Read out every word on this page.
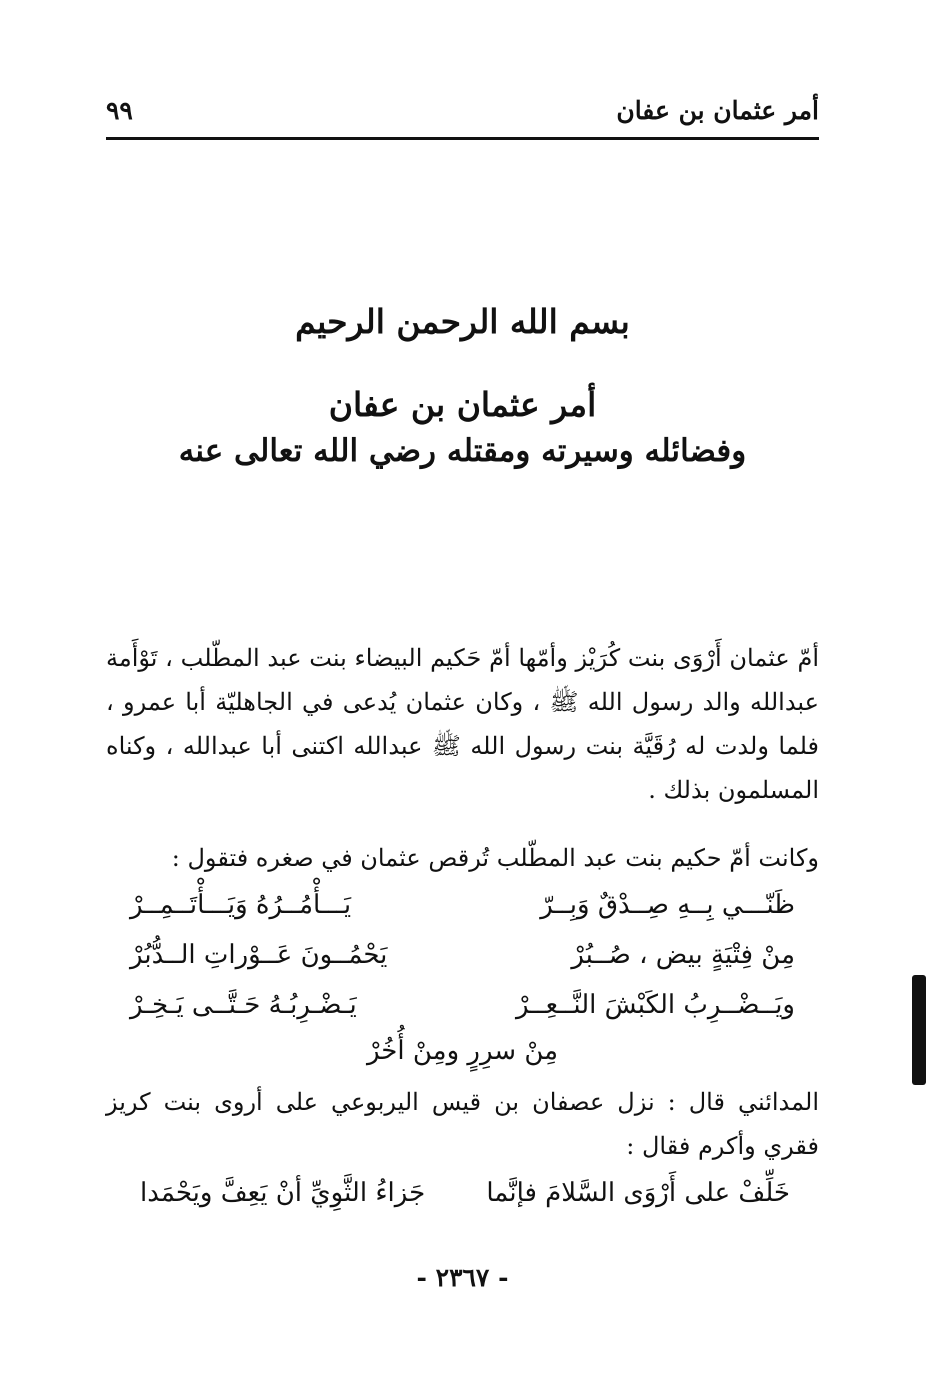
أمر عثمان بن عفان
٩٩
بسم الله الرحمن الرحيم
أمر عثمان بن عفان
وفضائله وسيرته ومقتله رضي الله تعالى عنه
أمّ عثمان أَرْوَى بنت كُرَيْز وأمّها أمّ حَكيم البيضاء بنت عبد المطّلب ، تَوْأَمة عبدالله والد رسول الله ﷺ ، وكان عثمان يُدعى في الجاهليّة أبا عمرو ، فلما ولدت له رُقَيَّة بنت رسول الله ﷺ عبدالله اكتنى أبا عبدالله ، وكناه المسلمون بذلك .
وكانت أمّ حكيم بنت عبد المطّلب تُرقص عثمان في صغره فتقول :
ظَنّـــي بِــهِ صِــدْقٌ وَبِــرّ
يَـــأْمُــرُهُ وَيَـــأْتَــمِــرْ
مِنْ فِتْيَةٍ بيض ، صُــبُرْ
يَحْمُــونَ عَــوْراتِ الــدُّبُرْ
ويَــضْــرِبُ الكَبْشَ النَّــعِــرْ
يَـضْـرِبُـهُ حَـتَّــى يَـخِـرْ
مِنْ سرِرٍ ومِنْ أُخُرْ
المدائني قال : نزل عصفان بن قيس اليربوعي على أروى بنت كريز فقري وأكرم فقال :
خَلِّفْ على أَرْوَى السَّلامَ فإنَّما
جَزاءُ الثَّوِيِّ أنْ يَعِفَّ ويَحْمَدا
- ٢٣٦٧ -
